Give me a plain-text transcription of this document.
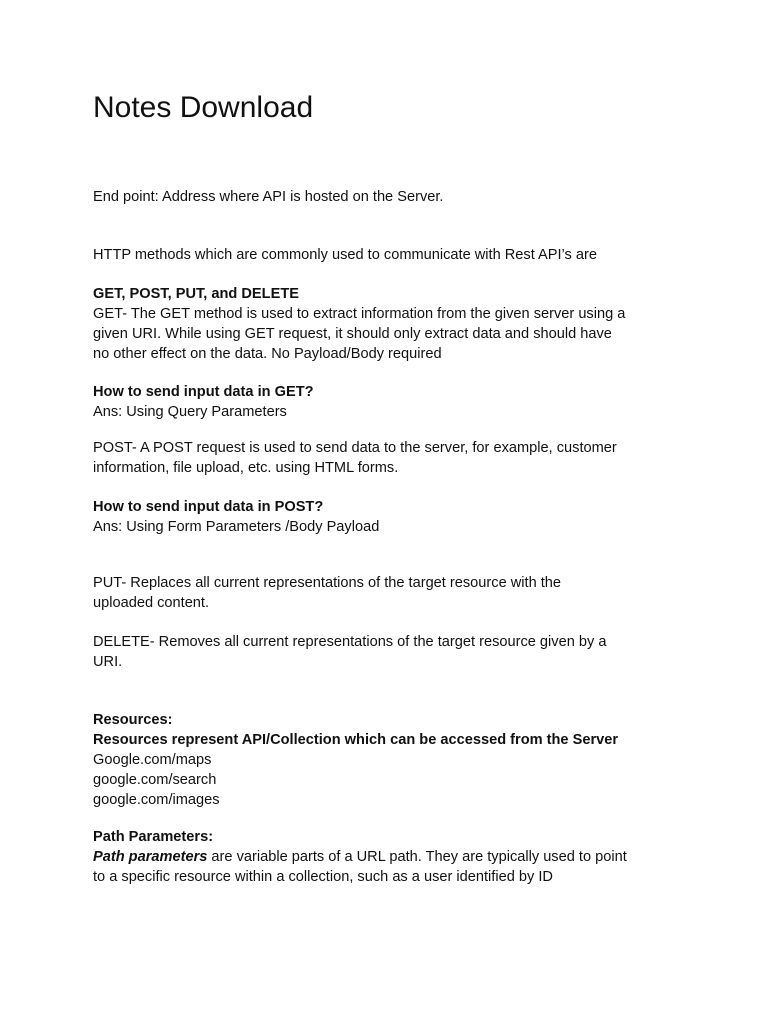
Notes Download

End point: Address where API is hosted on the Server.

HTTP methods which are commonly used to communicate with Rest API’s are

GET, POST, PUT, and DELETE
GET- The GET method is used to extract information from the given server using a
given URI. While using GET request, it should only extract data and should have
no other effect on the data. No Payload/Body required
How to send input data in GET?
Ans: Using Query Parameters
POST- A POST request is used to send data to the server, for example, customer
information, file upload, etc. using HTML forms.
How to send input data in POST?
Ans: Using Form Parameters /Body Payload
PUT- Replaces all current representations of the target resource with the
uploaded content.
DELETE- Removes all current representations of the target resource given by a
URI.
Resources:
Resources represent API/Collection which can be accessed from the Server
Google.com/maps
google.com/search
google.com/images
Path Parameters:
Path parameters are variable parts of a URL path. They are typically used to point
to a specific resource within a collection, such as a user identified by ID
